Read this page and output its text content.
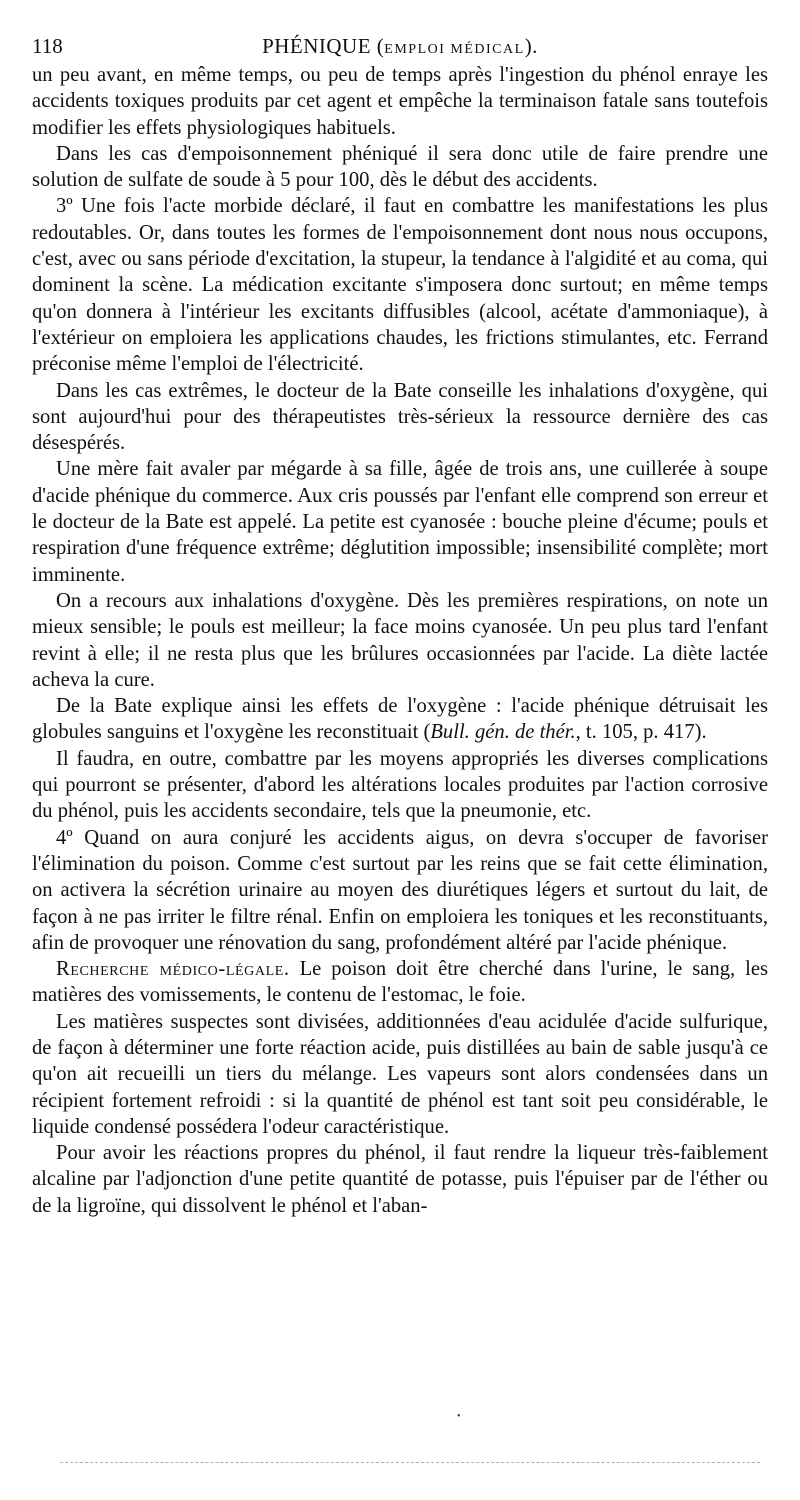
118	PHÉNIQUE (EMPLOI MÉDICAL).

un peu avant, en même temps, ou peu de temps après l'ingestion du phénol enraye les accidents toxiques produits par cet agent et empêche la terminaison fatale sans toutefois modifier les effets physiologiques habituels.

Dans les cas d'empoisonnement phéniqué il sera donc utile de faire prendre une solution de sulfate de soude à 5 pour 100, dès le début des accidents.

3º Une fois l'acte morbide déclaré, il faut en combattre les manifestations les plus redoutables. Or, dans toutes les formes de l'empoisonnement dont nous nous occupons, c'est, avec ou sans période d'excitation, la stupeur, la tendance à l'algidité et au coma, qui dominent la scène. La médication excitante s'imposera donc surtout; en même temps qu'on donnera à l'intérieur les excitants diffusibles (alcool, acétate d'ammoniaque), à l'extérieur on emploiera les applications chaudes, les frictions stimulantes, etc. Ferrand préconise même l'emploi de l'électricité.

Dans les cas extrêmes, le docteur de la Bate conseille les inhalations d'oxygène, qui sont aujourd'hui pour des thérapeutistes très-sérieux la ressource dernière des cas désespérés.

Une mère fait avaler par mégarde à sa fille, âgée de trois ans, une cuillerée à soupe d'acide phénique du commerce. Aux cris poussés par l'enfant elle comprend son erreur et le docteur de la Bate est appelé. La petite est cyanosée : bouche pleine d'écume; pouls et respiration d'une fréquence extrême; déglutition impossible; insensibilité complète; mort imminente.

On a recours aux inhalations d'oxygène. Dès les premières respirations, on note un mieux sensible; le pouls est meilleur; la face moins cyanosée. Un peu plus tard l'enfant revint à elle; il ne resta plus que les brûlures occasionnées par l'acide. La diète lactée acheva la cure.

De la Bate explique ainsi les effets de l'oxygène : l'acide phénique détruisait les globules sanguins et l'oxygène les reconstituait (Bull. gén. de thér., t. 105, p. 417).

Il faudra, en outre, combattre par les moyens appropriés les diverses complications qui pourront se présenter, d'abord les altérations locales produites par l'action corrosive du phénol, puis les accidents secondaire, tels que la pneumonie, etc.

4º Quand on aura conjuré les accidents aigus, on devra s'occuper de favoriser l'élimination du poison. Comme c'est surtout par les reins que se fait cette élimination, on activera la sécrétion urinaire au moyen des diurétiques légers et surtout du lait, de façon à ne pas irriter le filtre rénal. Enfin on emploiera les toniques et les reconstituants, afin de provoquer une rénovation du sang, profondément altéré par l'acide phénique.

Recherche médico-légale. Le poison doit être cherché dans l'urine, le sang, les matières des vomissements, le contenu de l'estomac, le foie.

Les matières suspectes sont divisées, additionnées d'eau acidulée d'acide sulfurique, de façon à déterminer une forte réaction acide, puis distillées au bain de sable jusqu'à ce qu'on ait recueilli un tiers du mélange. Les vapeurs sont alors condensées dans un récipient fortement refroidi : si la quantité de phénol est tant soit peu considérable, le liquide condensé possédera l'odeur caractéristique.

Pour avoir les réactions propres du phénol, il faut rendre la liqueur très-faiblement alcaline par l'adjonction d'une petite quantité de potasse, puis l'épuiser par de l'éther ou de la ligroïne, qui dissolvent le phénol et l'aban-

•
